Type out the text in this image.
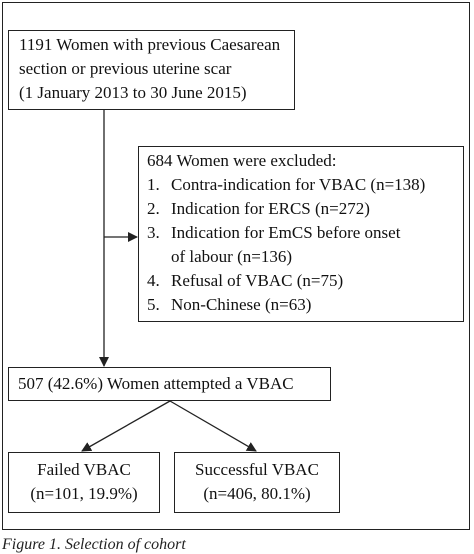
1191 Women with previous Caesarean
section or previous uterine scar
(1 January 2013 to 30 June 2015)
684 Women were excluded:
1. Contra-indication for VBAC (n=138)
2. Indication for ERCS (n=272)
3. Indication for EmCS before onset
of labour (n=136)
4. Refusal of VBAC (n=75)
5. Non-Chinese (n=63)
507 (42.6%) Women attempted a VBAC
Failed VBAC
(n=101, 19.9%)
Successful VBAC
(n=406, 80.1%)
Figure 1. Selection of cohort
